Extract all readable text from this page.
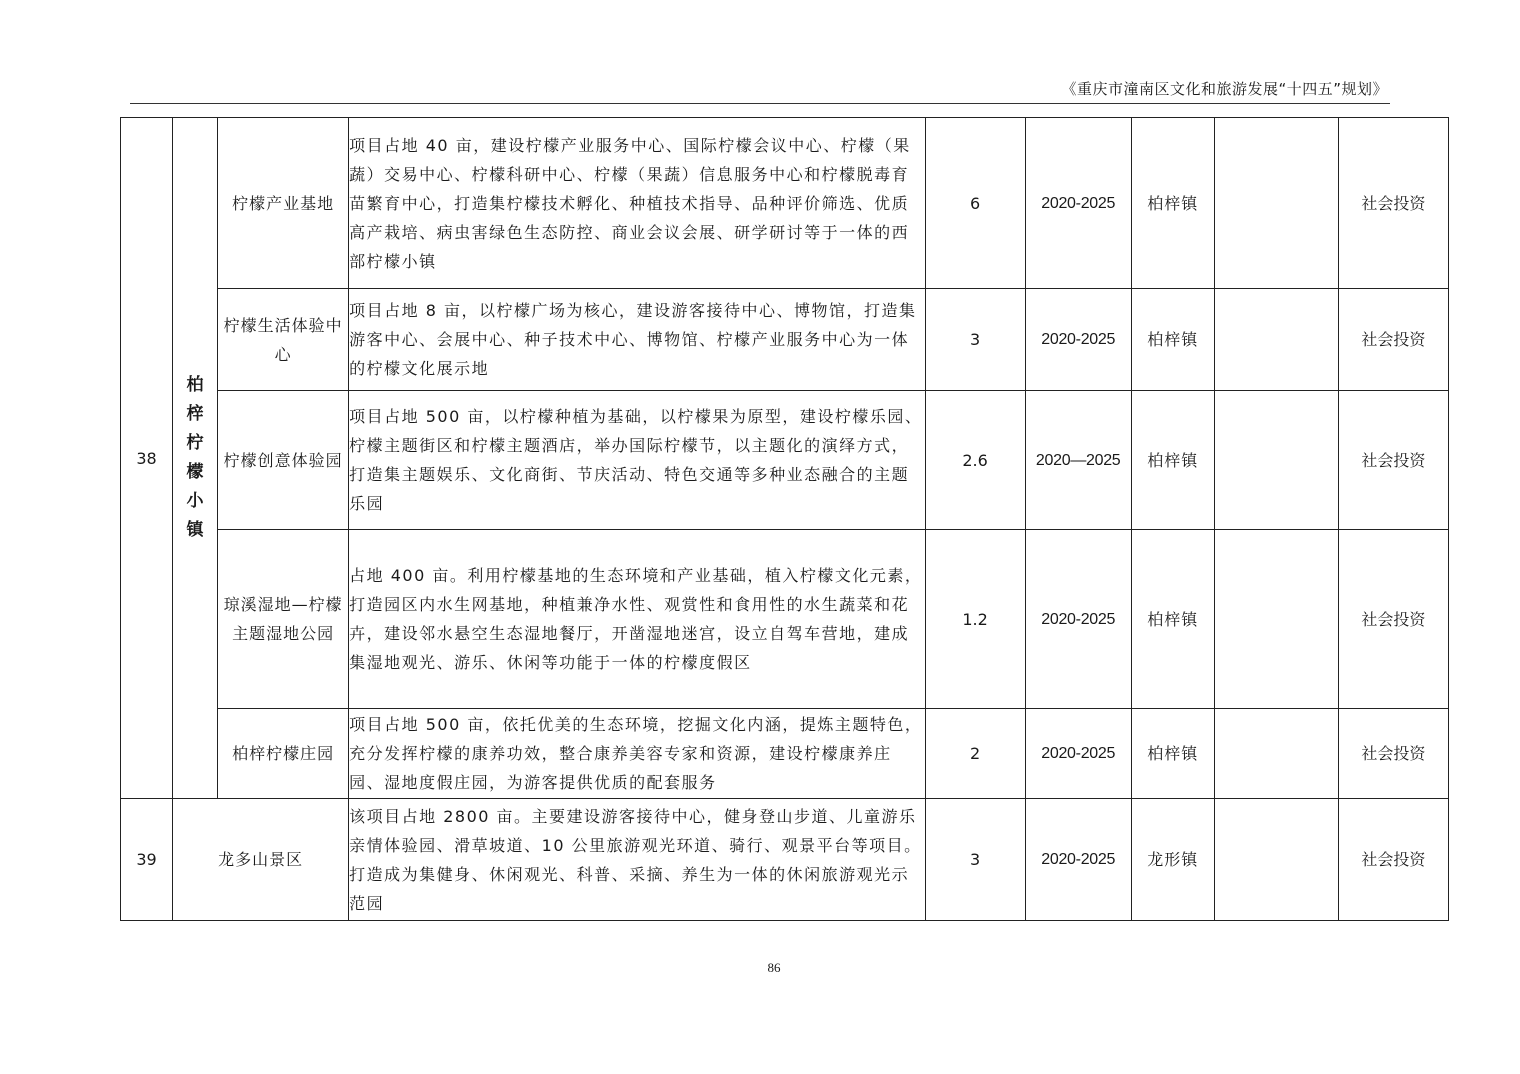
《重庆市潼南区文化和旅游发展“十四五”规划》
38	柏梓柠檬小镇	柠檬产业基地	项目占地 40 亩，建设柠檬产业服务中心、国际柠檬会议中心、柠檬（果蔬）交易中心、柠檬科研中心、柠檬（果蔬）信息服务中心和柠檬脱毒育苗繁育中心，打造集柠檬技术孵化、种植技术指导、品种评价筛选、优质高产栽培、病虫害绿色生态防控、商业会议会展、研学研讨等于一体的西部柠檬小镇	6	2020-2025	柏梓镇		社会投资
		柠檬生活体验中心	项目占地 8 亩，以柠檬广场为核心，建设游客接待中心、博物馆，打造集游客中心、会展中心、种子技术中心、博物馆、柠檬产业服务中心为一体的柠檬文化展示地	3	2020-2025	柏梓镇		社会投资
		柠檬创意体验园	项目占地 500 亩，以柠檬种植为基础，以柠檬果为原型，建设柠檬乐园、柠檬主题街区和柠檬主题酒店，举办国际柠檬节，以主题化的演绎方式，打造集主题娱乐、文化商街、节庆活动、特色交通等多种业态融合的主题乐园	2.6	2020—2025	柏梓镇		社会投资
		琼溪湿地—柠檬主题湿地公园	占地 400 亩。利用柠檬基地的生态环境和产业基础，植入柠檬文化元素，打造园区内水生网基地，种植兼净水性、观赏性和食用性的水生蔬菜和花卉，建设邻水悬空生态湿地餐厅，开凿湿地迷宫，设立自驾车营地，建成集湿地观光、游乐、休闲等功能于一体的柠檬度假区	1.2	2020-2025	柏梓镇		社会投资
		柏梓柠檬庄园	项目占地 500 亩，依托优美的生态环境，挖掘文化内涵，提炼主题特色，充分发挥柠檬的康养功效，整合康养美容专家和资源，建设柠檬康养庄园、湿地度假庄园，为游客提供优质的配套服务	2	2020-2025	柏梓镇		社会投资
39	龙多山景区		该项目占地 2800 亩。主要建设游客接待中心，健身登山步道、儿童游乐亲情体验园、滑草坡道、10 公里旅游观光环道、骑行、观景平台等项目。打造成为集健身、休闲观光、科普、采摘、养生为一体的休闲旅游观光示范园	3	2020-2025	龙形镇		社会投资
86
